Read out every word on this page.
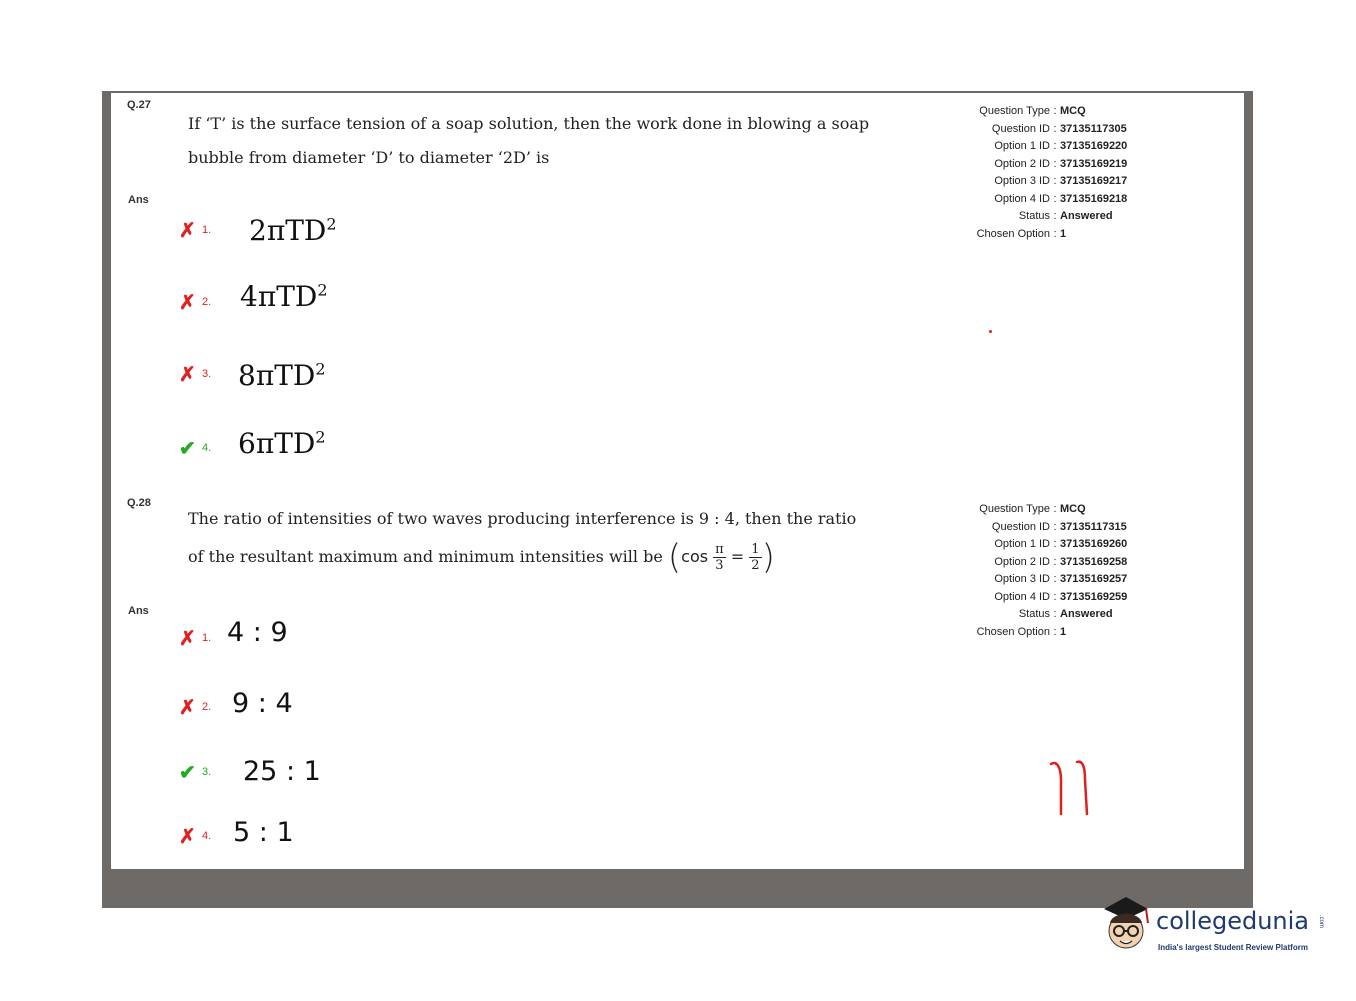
Q.27
If ‘T’ is the surface tension of a soap solution, then the work done in blowing a soap
bubble from diameter ‘D’ to diameter ‘2D’ is
Ans
✗ 1. 2πTD$^2$
✗ 2. 4πTD$^2$
✗ 3. 8πTD$^2$
✔ 4. 6πTD$^2$
Question Type : MCQ
Question ID : 37135117305
Option 1 ID : 37135169220
Option 2 ID : 37135169219
Option 3 ID : 37135169217
Option 4 ID : 37135169218
Status : Answered
Chosen Option : 1
Q.28
The ratio of intensities of two waves producing interference is 9 : 4, then the ratio
of the resultant maximum and minimum intensities will be ($\cos \frac{\pi}{3} = \frac{1}{2}$ )
Ans
✗ 1. 4 : 9
✗ 2. 9 : 4
✔ 3. 25 : 1
✗ 4. 5 : 1
Question Type : MCQ
Question ID : 37135117315
Option 1 ID : 37135169260
Option 2 ID : 37135169258
Option 3 ID : 37135169257
Option 4 ID : 37135169259
Status : Answered
Chosen Option : 1
collegedunia .com
India's largest Student Review Platform
